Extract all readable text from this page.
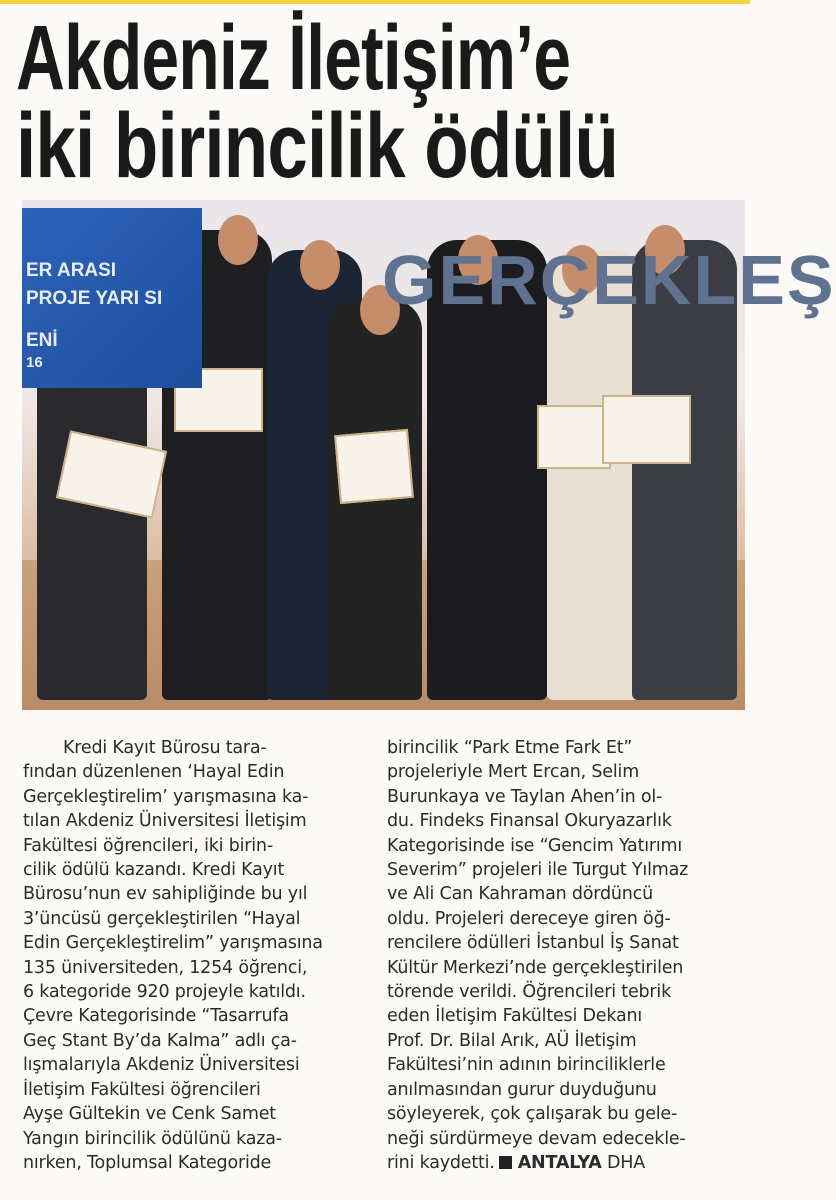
Akdeniz İletişim’e
iki birincilik ödülü
ER ARASI
PROJE YARI SI
ENİ
16
GERÇEKLEŞ
Kredi Kayıt Bürosu tara-
fından düzenlenen ‘Hayal Edin
Gerçekleştirelim’ yarışmasına ka-
tılan Akdeniz Üniversitesi İletişim
Fakültesi öğrencileri, iki birin-
cilik ödülü kazandı. Kredi Kayıt
Bürosu’nun ev sahipliğinde bu yıl
3’üncüsü gerçekleştirilen “Hayal
Edin Gerçekleştirelim” yarışmasına
135 üniversiteden, 1254 öğrenci,
6 kategoride 920 projeyle katıldı.
Çevre Kategorisinde “Tasarrufa
Geç Stant By’da Kalma” adlı ça-
lışmalarıyla Akdeniz Üniversitesi
İletişim Fakültesi öğrencileri
Ayşe Gültekin ve Cenk Samet
Yangın birincilik ödülünü kaza-
nırken, Toplumsal Kategoride
birincilik “Park Etme Fark Et”
projeleriyle Mert Ercan, Selim
Burunkaya ve Taylan Ahen’in ol-
du. Findeks Finansal Okuryazarlık
Kategorisinde ise “Gencim Yatırımı
Severim” projeleri ile Turgut Yılmaz
ve Ali Can Kahraman dördüncü
oldu. Projeleri dereceye giren öğ-
rencilere ödülleri İstanbul İş Sanat
Kültür Merkezi’nde gerçekleştirilen
törende verildi. Öğrencileri tebrik
eden İletişim Fakültesi Dekanı
Prof. Dr. Bilal Arık, AÜ İletişim
Fakültesi’nin adının birinciliklerle
anılmasından gurur duyduğunu
söyleyerek, çok çalışarak bu gele-
neği sürdürmeye devam edecekle-
rini kaydetti. ANTALYA DHA
